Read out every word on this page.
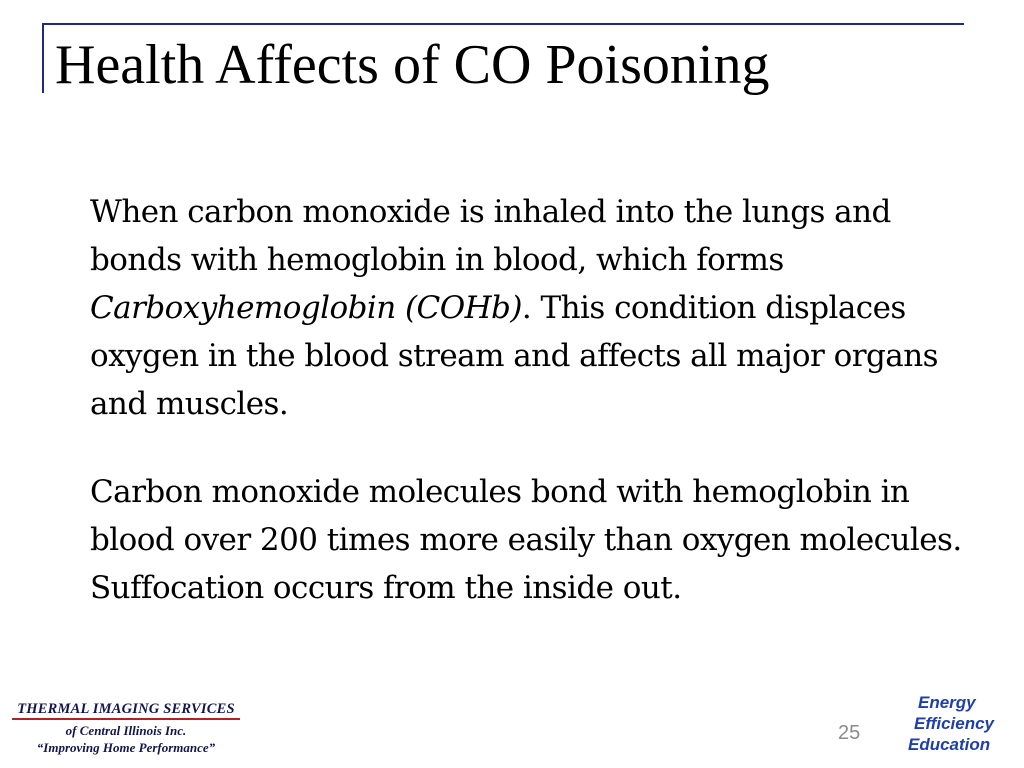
Health Affects of CO Poisoning

When carbon monoxide is inhaled into the lungs and bonds with hemoglobin in blood, which forms Carboxyhemoglobin (COHb). This condition displaces oxygen in the blood stream and affects all major organs and muscles.

Carbon monoxide molecules bond with hemoglobin in blood over 200 times more easily than oxygen molecules. Suffocation occurs from the inside out.

THERMAL IMAGING SERVICES
of Central Illinois Inc.
“Improving Home Performance”
25
Energy
Efficiency
Education
